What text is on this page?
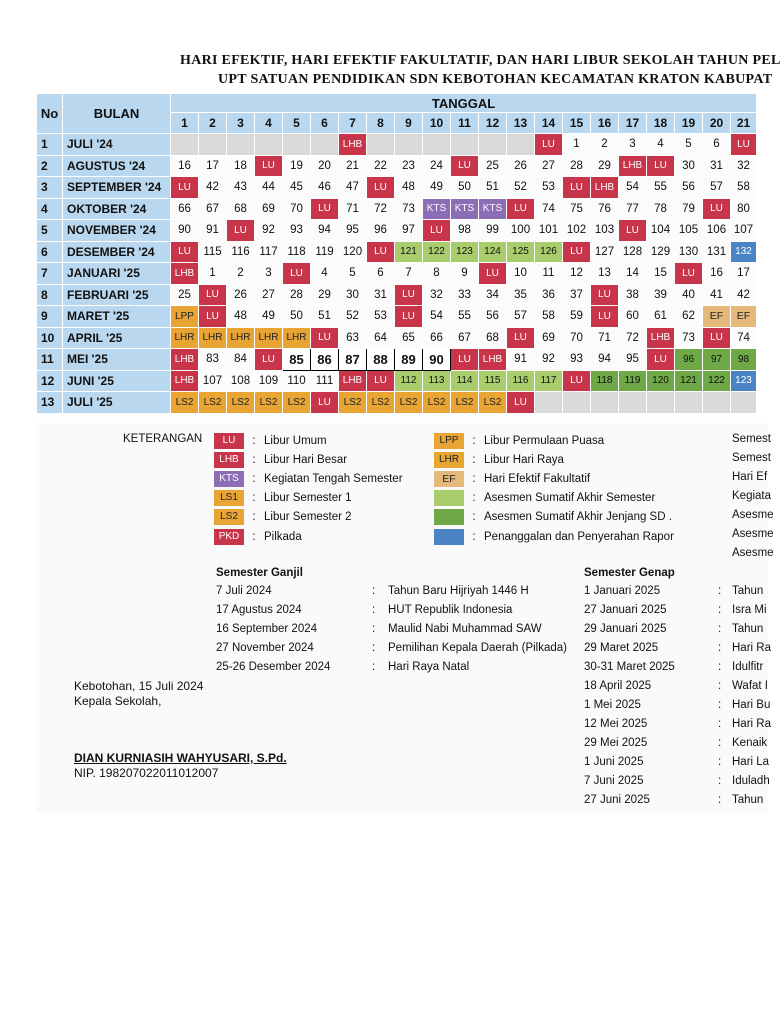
HARI EFEKTIF, HARI EFEKTIF FAKULTATIF, DAN HARI LIBUR SEKOLAH TAHUN PEL
UPT SATUAN PENDIDIKAN SDN KEBOTOHAN KECAMATAN KRATON KABUPAT
No	BULAN	TANGGAL																				
		1	2	3	4	5	6	7	8	9	10	11	12	13	14	15	16	17	18	19	20	21
1	JULI '24							LHB							LU	1	2	3	4	5	6	LU
2	AGUSTUS '24	16	17	18	LU	19	20	21	22	23	24	LU	25	26	27	28	29	LHB	LU	30	31	32
3	SEPTEMBER '24	LU	42	43	44	45	46	47	LU	48	49	50	51	52	53	LU	LHB	54	55	56	57	58
4	OKTOBER '24	66	67	68	69	70	LU	71	72	73	KTS	KTS	KTS	LU	74	75	76	77	78	79	LU	80
5	NOVEMBER '24	90	91	LU	92	93	94	95	96	97	LU	98	99	100	101	102	103	LU	104	105	106	107
6	DESEMBER '24	LU	115	116	117	118	119	120	LU	121	122	123	124	125	126	LU	127	128	129	130	131	132
7	JANUARI '25	LHB	1	2	3	LU	4	5	6	7	8	9	LU	10	11	12	13	14	15	LU	16	17
8	FEBRUARI '25	25	LU	26	27	28	29	30	31	LU	32	33	34	35	36	37	LU	38	39	40	41	42
9	MARET '25	LPP	LU	48	49	50	51	52	53	LU	54	55	56	57	58	59	LU	60	61	62	EF	EF
10	APRIL '25	LHR	LHR	LHR	LHR	LHR	LU	63	64	65	66	67	68	LU	69	70	71	72	LHB	73	LU	74
11	MEI '25	LHB	83	84	LU	85	86	87	88	89	90	LU	LHB	91	92	93	94	95	LU	96	97	98
12	JUNI '25	LHB	107	108	109	110	111	LHB	LU	112	113	114	115	116	117	LU	118	119	120	121	122	123
13	JULI '25	LS2	LS2	LS2	LS2	LS2	LU	LS2	LS2	LS2	LS2	LS2	LS2	LU								
KETERANGAN	LU	: Libur Umum
LHB	: Libur Hari Besar
KTS	: Kegiatan Tengah Semester
LS1	: Libur Semester 1
LS2	: Libur Semester 2
PKD	: Pilkada
LPP	: Libur Permulaan Puasa
LHR	: Libur Hari Raya
EF	: Hari Efektif Fakultatif
: Asesmen Sumatif Akhir Semester
: Asesmen Sumatif Akhir Jenjang SD .
: Penanggalan dan Penyerahan Rapor
Semest
Semest
Hari Ef
Kegiata
Asesme
Asesme
Asesme
Semester Ganjil
7 Juli 2024	: Tahun Baru Hijriyah 1446 H
17 Agustus 2024	: HUT Republik Indonesia
16 September 2024	: Maulid Nabi Muhammad SAW
27 November 2024	: Pemilihan Kepala Daerah (Pilkada)
25-26 Desember 2024	: Hari Raya Natal
Semester Genap
1 Januari 2025	: Tahun
27 Januari 2025	: Isra Mi
29 Januari 2025	: Tahun
29 Maret 2025	: Hari Ra
30-31 Maret 2025	: Idulfitr
18 April 2025	: Wafat I
1 Mei 2025	: Hari Bu
12 Mei 2025	: Hari Ra
29 Mei 2025	: Kenaik
1 Juni 2025	: Hari La
7 Juni 2025	: Iduladh
27 Juni 2025	: Tahun
Kebotohan, 15 Juli 2024
Kepala Sekolah,
DIAN KURNIASIH WAHYUSARI, S.Pd.
NIP. 198207022011012007
